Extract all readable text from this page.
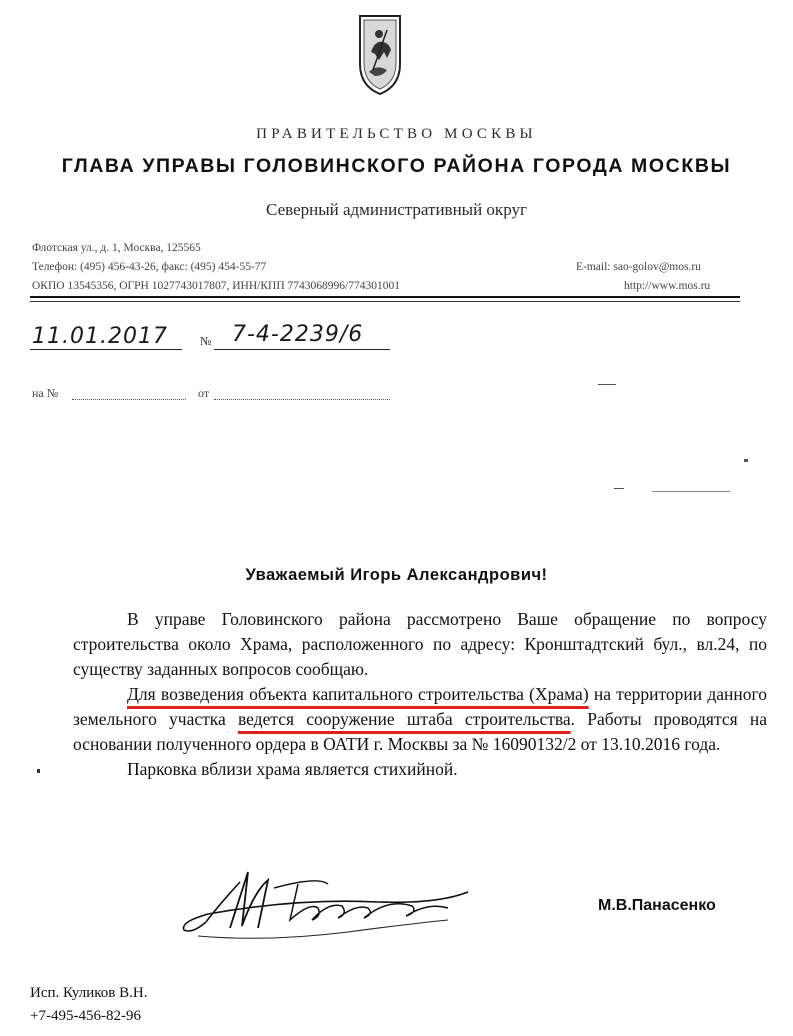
ПРАВИТЕЛЬСТВО МОСКВЫ
ГЛАВА УПРАВЫ ГОЛОВИНСКОГО РАЙОНА ГОРОДА МОСКВЫ
Северный административный округ
Флотская ул., д. 1, Москва, 125565
Телефон: (495) 456-43-26, факс: (495) 454-55-77
ОКПО 13545356, ОГРН 1027743017807, ИНН/КПП 7743068996/774301001
E-mail: sao-golov@mos.ru
http://www.mos.ru
11.01.2017	№ 7-4-2239/6
на №	от
Уважаемый Игорь Александрович!

В управе Головинского района рассмотрено Ваше обращение по вопросу строительства около Храма, расположенного по адресу: Кронштадтский бул., вл.24, по существу заданных вопросов сообщаю.

Для возведения объекта капитального строительства (Храма) на территории данного земельного участка ведется сооружение штаба строительства. Работы проводятся на основании полученного ордера в ОАТИ г. Москвы за № 16090132/2 от 13.10.2016 года.

Парковка вблизи храма является стихийной.

М.В.Панасенко
Исп. Куликов В.Н.
+7-495-456-82-96
